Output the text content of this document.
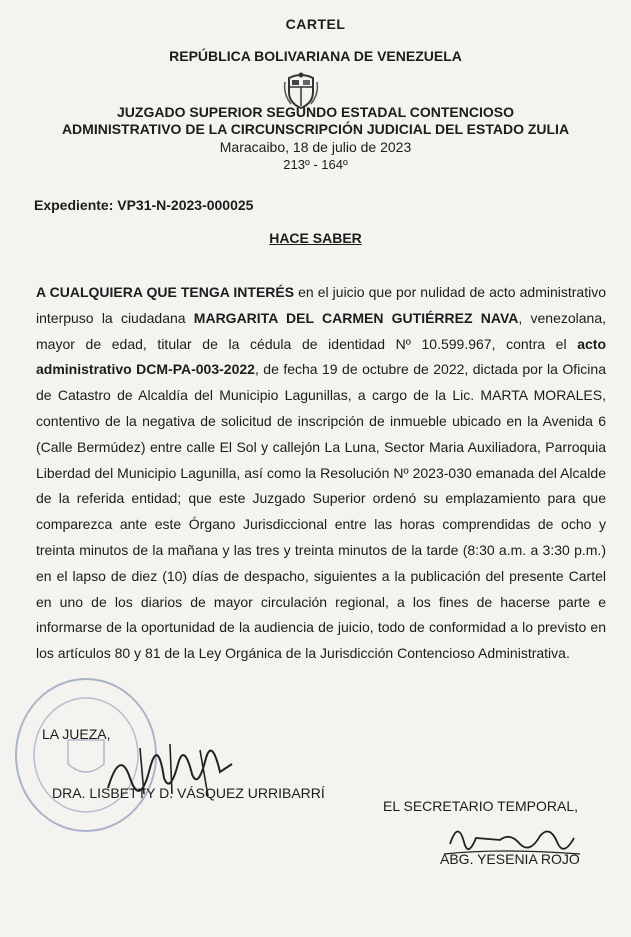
CARTEL
REPÚBLICA BOLIVARIANA DE VENEZUELA
JUZGADO SUPERIOR SEGUNDO ESTADAL CONTENCIOSO
ADMINISTRATIVO DE LA CIRCUNSCRIPCIÓN JUDICIAL DEL ESTADO ZULIA
Maracaibo, 18 de julio de 2023
213º - 164º
Expediente: VP31-N-2023-000025
HACE SABER
A CUALQUIERA QUE TENGA INTERÉS en el juicio que por nulidad de acto administrativo interpuso la ciudadana MARGARITA DEL CARMEN GUTIÉRREZ NAVA, venezolana, mayor de edad, titular de la cédula de identidad Nº 10.599.967, contra el acto administrativo DCM-PA-003-2022, de fecha 19 de octubre de 2022, dictada por la Oficina de Catastro de Alcaldía del Municipio Lagunillas, a cargo de la Lic. MARTA MORALES, contentivo de la negativa de solicitud de inscripción de inmueble ubicado en la Avenida 6 (Calle Bermúdez) entre calle El Sol y callejón La Luna, Sector Maria Auxiliadora, Parroquia Liberdad del Municipio Lagunilla, así como la Resolución Nº 2023-030 emanada del Alcalde de la referida entidad; que este Juzgado Superior ordenó su emplazamiento para que comparezca ante este Órgano Jurisdiccional entre las horas comprendidas de ocho y treinta minutos de la mañana y las tres y treinta minutos de la tarde (8:30 a.m. a 3:30 p.m.) en el lapso de diez (10) días de despacho, siguientes a la publicación del presente Cartel en uno de los diarios de mayor circulación regional, a los fines de hacerse parte e informarse de la oportunidad de la audiencia de juicio, todo de conformidad a lo previsto en los artículos 80 y 81 de la Ley Orgánica de la Jurisdicción Contencioso Administrativa.
LA JUEZA,
DRA. LISBETTY D. VÁSQUEZ URRIBARRÍ
EL SECRETARIO TEMPORAL,
ABG. YESENIA ROJO
